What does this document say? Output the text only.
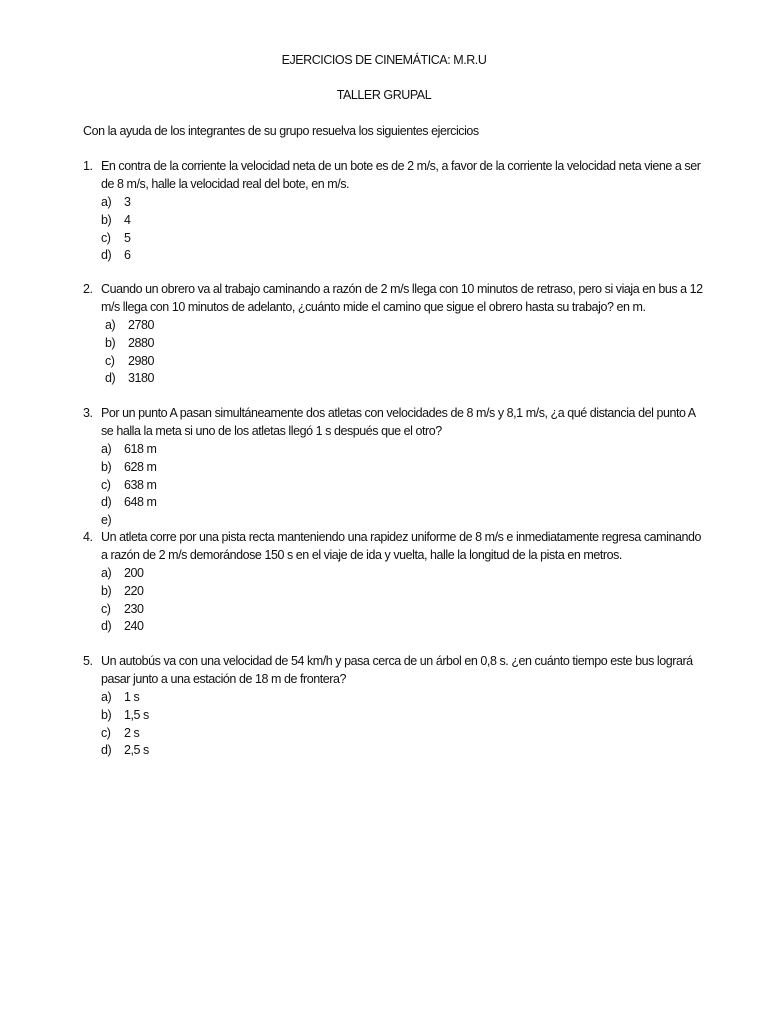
EJERCICIOS DE CINEMÁTICA: M.R.U
TALLER GRUPAL
Con la ayuda de los integrantes de su grupo resuelva los siguientes ejercicios
1. En contra de la corriente la velocidad neta de un bote es de 2 m/s, a favor de la corriente la velocidad neta viene a ser
de 8 m/s, halle la velocidad real del bote, en m/s.
a) 3
b) 4
c) 5
d) 6
2. Cuando un obrero va al trabajo caminando a razón de 2 m/s llega con 10 minutos de retraso, pero si viaja en bus a 12
m/s llega con 10 minutos de adelanto, ¿cuánto mide el camino que sigue el obrero hasta su trabajo? en m.
a) 2780
b) 2880
c) 2980
d) 3180
3. Por un punto A pasan simultáneamente dos atletas con velocidades de 8 m/s y 8,1 m/s, ¿a qué distancia del punto A
se halla la meta si uno de los atletas llegó 1 s después que el otro?
a) 618 m
b) 628 m
c) 638 m
d) 648 m
e)
4. Un atleta corre por una pista recta manteniendo una rapidez uniforme de 8 m/s e inmediatamente regresa caminando
a razón de 2 m/s demorándose 150 s en el viaje de ida y vuelta, halle la longitud de la pista en metros.
a) 200
b) 220
c) 230
d) 240
5. Un autobús va con una velocidad de 54 km/h y pasa cerca de un árbol en 0,8 s. ¿en cuánto tiempo este bus logrará
pasar junto a una estación de 18 m de frontera?
a) 1 s
b) 1,5 s
c) 2 s
d) 2,5 s
